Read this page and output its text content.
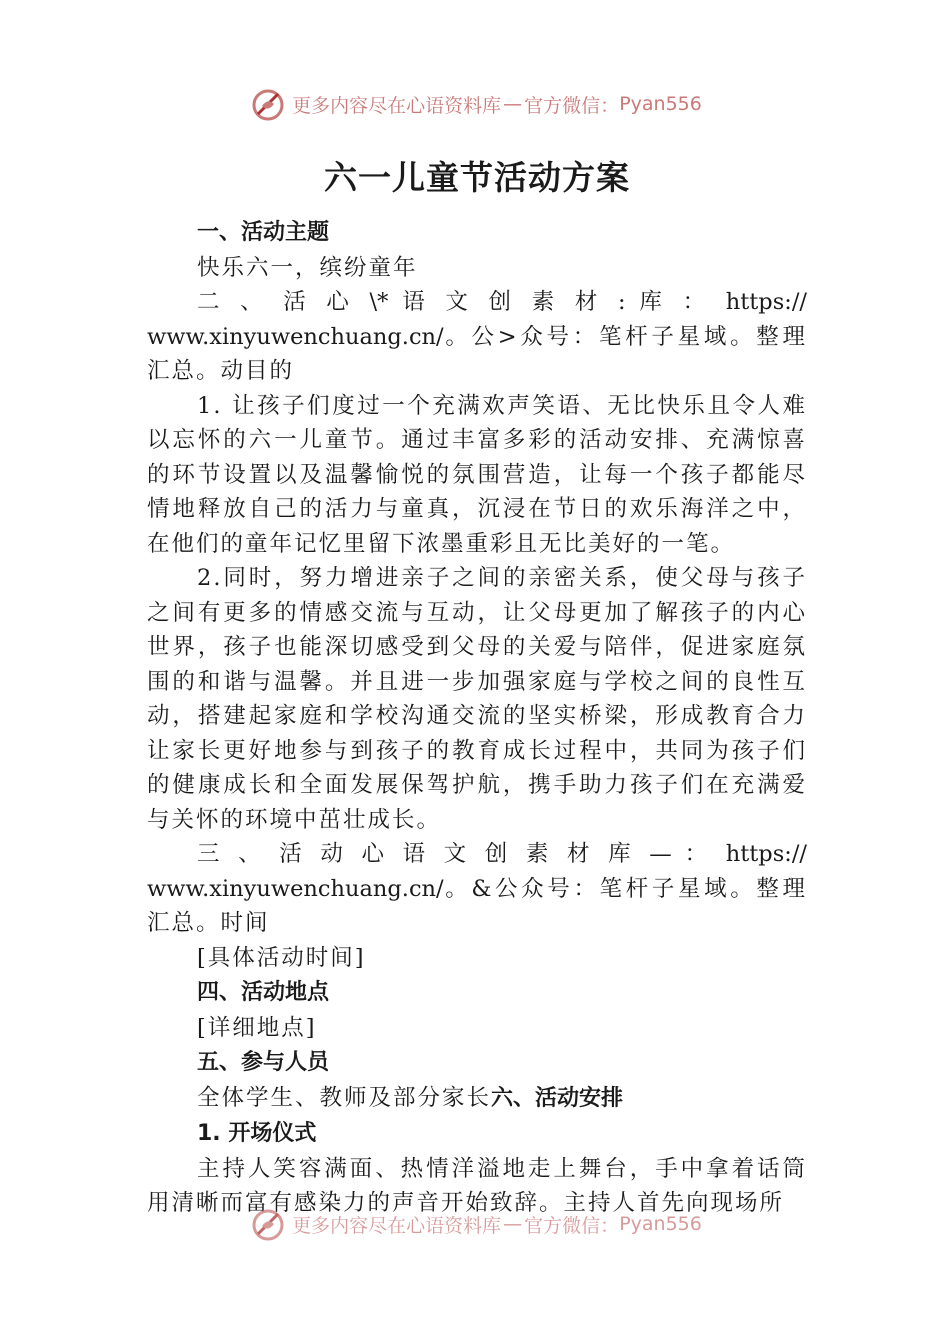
更多内容尽在心语资料库 — 官方微信： Pyan556
六一儿童节活动方案

一、活动主题

快乐六一，缤纷童年

二 、 活 心 \* 语 文 创 素 材 : 库 ： https://

www.xinyuwenchuang.cn/。公>众号：笔杆子星域。整理汇总。动目的

1. 让孩子们度过一个充满欢声笑语、无比快乐且令人难以忘怀的六一儿童节。通过丰富多彩的活动安排、充满惊喜的环节设置以及温馨愉悦的氛围营造，让每一个孩子都能尽情地释放自己的活力与童真，沉浸在节日的欢乐海洋之中，在他们的童年记忆里留下浓墨重彩且无比美好的一笔。

2.同时，努力增进亲子之间的亲密关系，使父母与孩子之间有更多的情感交流与互动，让父母更加了解孩子的内心世界，孩子也能深切感受到父母的关爱与陪伴，促进家庭氛围的和谐与温馨。并且进一步加强家庭与学校之间的良性互动，搭建起家庭和学校沟通交流的坚实桥梁，形成教育合力让家长更好地参与到孩子的教育成长过程中，共同为孩子们的健康成长和全面发展保驾护航，携手助力孩子们在充满爱与关怀的环境中茁壮成长。

三 、 活 动 心 语 文 创 素 材 库 — ： https://

www.xinyuwenchuang.cn/。&公众号：笔杆子星域。整理汇总。时间

[具体活动时间]

四、活动地点

[详细地点]

五、参与人员

全体学生、教师及部分家长六、活动安排

1. 开场仪式

主持人笑容满面、热情洋溢地走上舞台，手中拿着话筒用清晰而富有感染力的声音开始致辞。主持人首先向现场所

更多内容尽在心语资料库 — 官方微信： Pyan556
